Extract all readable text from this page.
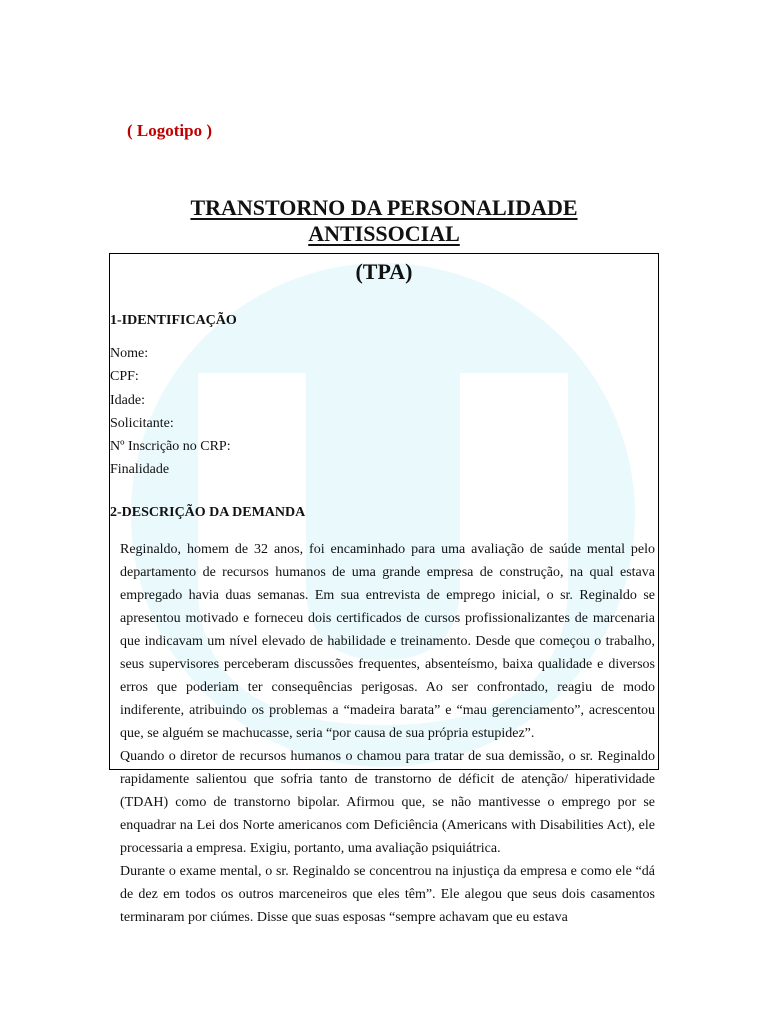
( Logotipo )
TRANSTORNO DA PERSONALIDADE
ANTISSOCIAL
(TPA)
1-IDENTIFICAÇÃO
Nome:
CPF:
Idade:
Solicitante:
Nº Inscrição no CRP:
Finalidade
2-DESCRIÇÃO DA DEMANDA

Reginaldo, homem de 32 anos, foi encaminhado para uma avaliação de saúde mental pelo departamento de recursos humanos de uma grande empresa de construção, na qual estava empregado havia duas semanas. Em sua entrevista de emprego inicial, o sr. Reginaldo se apresentou motivado e forneceu dois certificados de cursos profissionalizantes de marcenaria que indicavam um nível elevado de habilidade e treinamento. Desde que começou o trabalho, seus supervisores perceberam discussões frequentes, absenteísmo, baixa qualidade e diversos erros que poderiam ter consequências perigosas. Ao ser confrontado, reagiu de modo indiferente, atribuindo os problemas a “madeira barata” e “mau gerenciamento”, acrescentou que, se alguém se machucasse, seria “por causa de sua própria estupidez”.

Quando o diretor de recursos humanos o chamou para tratar de sua demissão, o sr. Reginaldo rapidamente salientou que sofria tanto de transtorno de déficit de atenção/ hiperatividade (TDAH) como de transtorno bipolar. Afirmou que, se não mantivesse o emprego por se enquadrar na Lei dos Norte americanos com Deficiência (Americans with Disabilities Act), ele processaria a empresa. Exigiu, portanto, uma avaliação psiquiátrica.

Durante o exame mental, o sr. Reginaldo se concentrou na injustiça da empresa e como ele “dá de dez em todos os outros marceneiros que eles têm”. Ele alegou que seus dois casamentos terminaram por ciúmes. Disse que suas esposas “sempre achavam que eu estava
